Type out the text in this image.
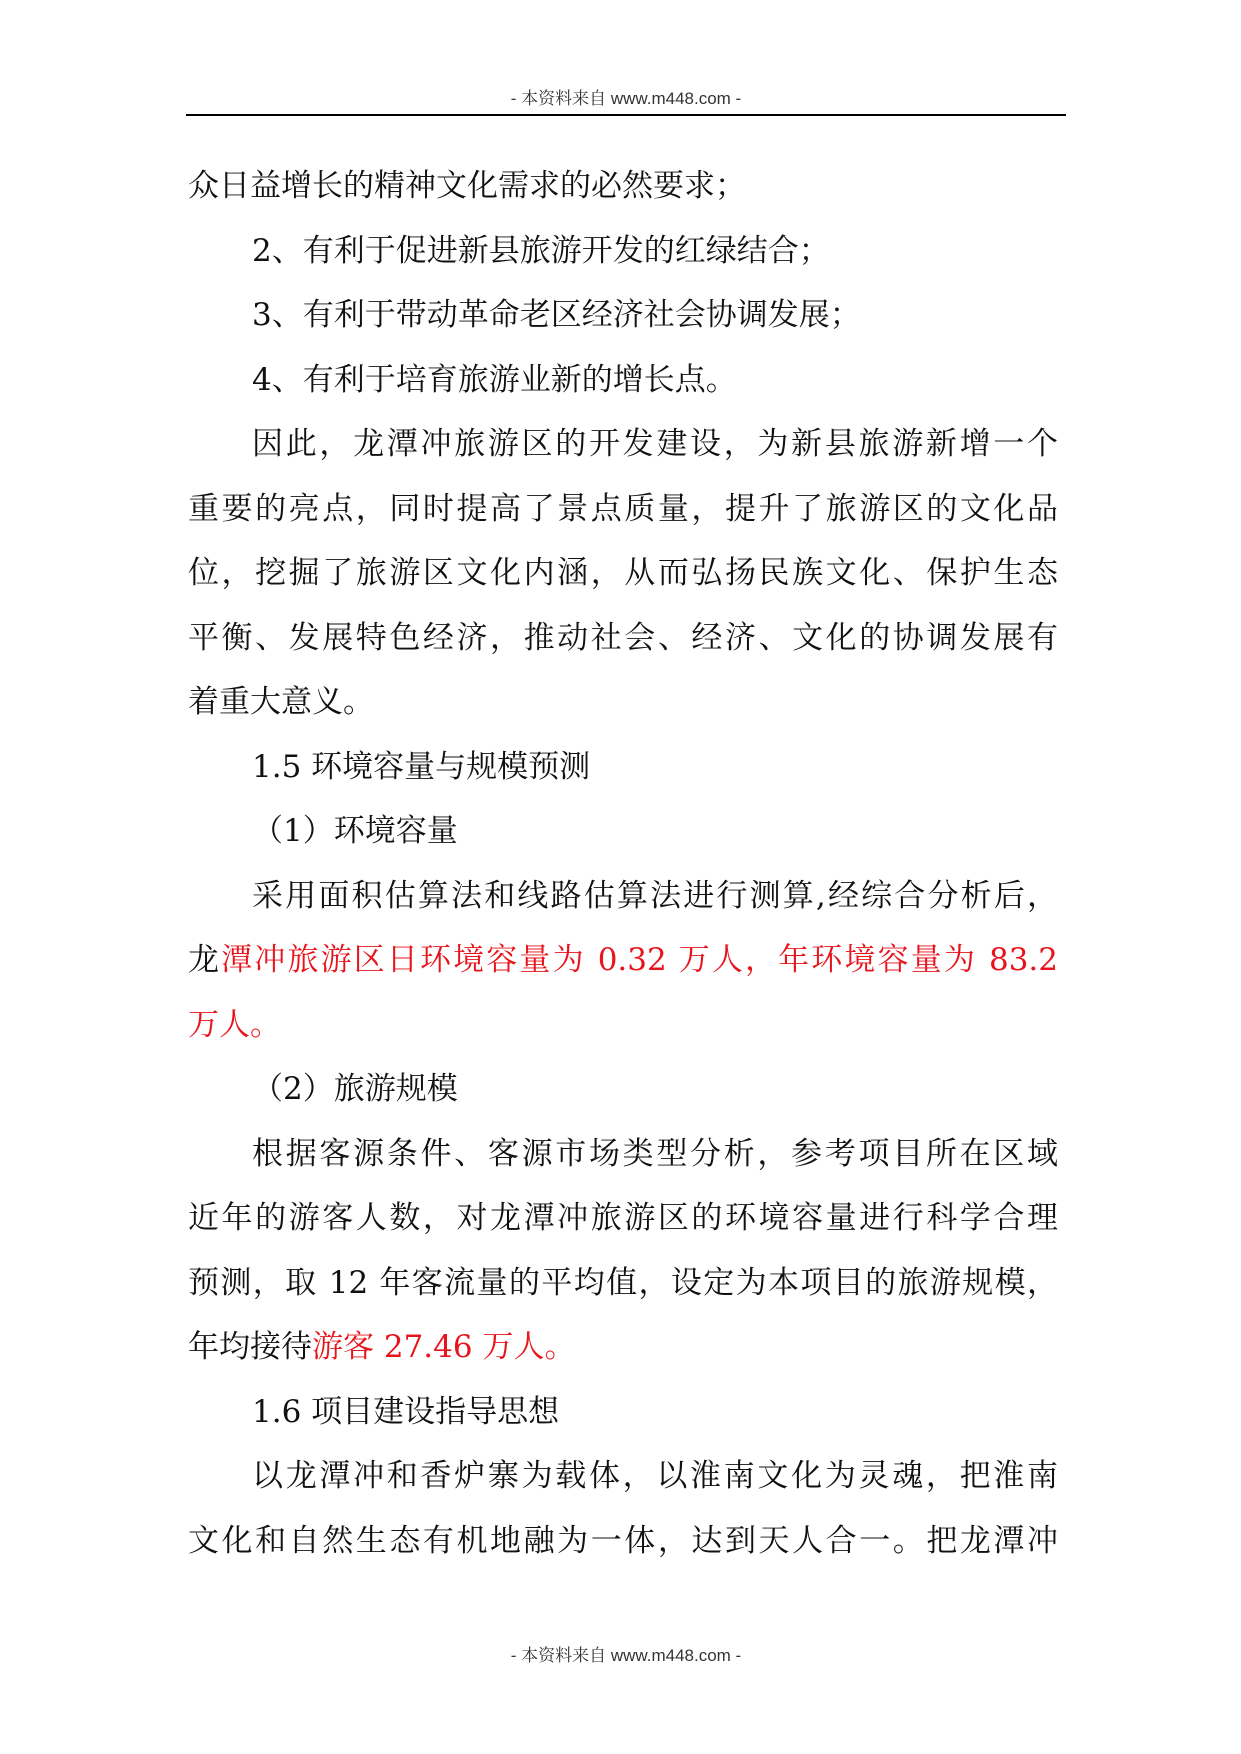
- 本资料来自 www.m448.com -

众日益增长的精神文化需求的必然要求；

2、有利于促进新县旅游开发的红绿结合；

3、有利于带动革命老区经济社会协调发展；

4、有利于培育旅游业新的增长点。

因此，龙潭冲旅游区的开发建设，为新县旅游新增一个

重要的亮点，同时提高了景点质量，提升了旅游区的文化品

位，挖掘了旅游区文化内涵，从而弘扬民族文化、保护生态

平衡、发展特色经济，推动社会、经济、文化的协调发展有

着重大意义。

1.5 环境容量与规模预测

（1）环境容量

采用面积估算法和线路估算法进行测算,经综合分析后，

龙潭冲旅游区日环境容量为 0.32 万人，年环境容量为 83.2

万人。

（2）旅游规模

根据客源条件、客源市场类型分析，参考项目所在区域

近年的游客人数，对龙潭冲旅游区的环境容量进行科学合理

预测，取 12 年客流量的平均值，设定为本项目的旅游规模，

年均接待游客 27.46 万人。

1.6 项目建设指导思想

以龙潭冲和香炉寨为载体，以淮南文化为灵魂，把淮南

文化和自然生态有机地融为一体，达到天人合一。把龙潭冲

- 本资料来自 www.m448.com -
